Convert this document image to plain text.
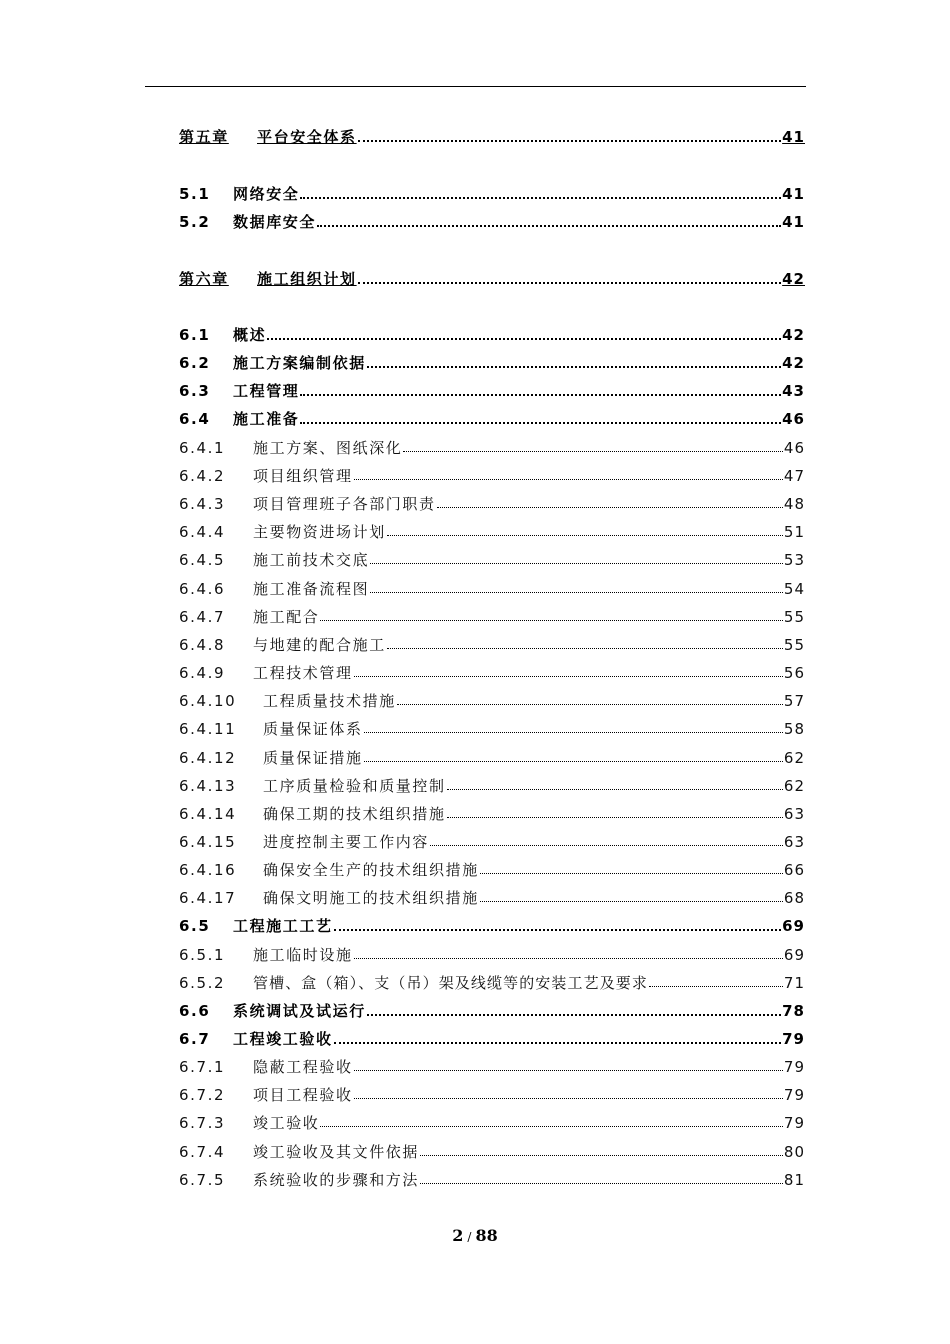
第五章	平台安全体系	41
5.1	网络安全	41
5.2	数据库安全	41
第六章	施工组织计划	42
6.1	概述	42
6.2	施工方案编制依据	42
6.3	工程管理	43
6.4	施工准备	46
6.4.1	施工方案、图纸深化	46
6.4.2	项目组织管理	47
6.4.3	项目管理班子各部门职责	48
6.4.4	主要物资进场计划	51
6.4.5	施工前技术交底	53
6.4.6	施工准备流程图	54
6.4.7	施工配合	55
6.4.8	与地建的配合施工	55
6.4.9	工程技术管理	56
6.4.10	工程质量技术措施	57
6.4.11	质量保证体系	58
6.4.12	质量保证措施	62
6.4.13	工序质量检验和质量控制	62
6.4.14	确保工期的技术组织措施	63
6.4.15	进度控制主要工作内容	63
6.4.16	确保安全生产的技术组织措施	66
6.4.17	确保文明施工的技术组织措施	68
6.5	工程施工工艺	69
6.5.1	施工临时设施	69
6.5.2	管槽、盒（箱）、支（吊）架及线缆等的安装工艺及要求	71
6.6	系统调试及试运行	78
6.7	工程竣工验收	79
6.7.1	隐蔽工程验收	79
6.7.2	项目工程验收	79
6.7.3	竣工验收	79
6.7.4	竣工验收及其文件依据	80
6.7.5	系统验收的步骤和方法	81
2 / 88
